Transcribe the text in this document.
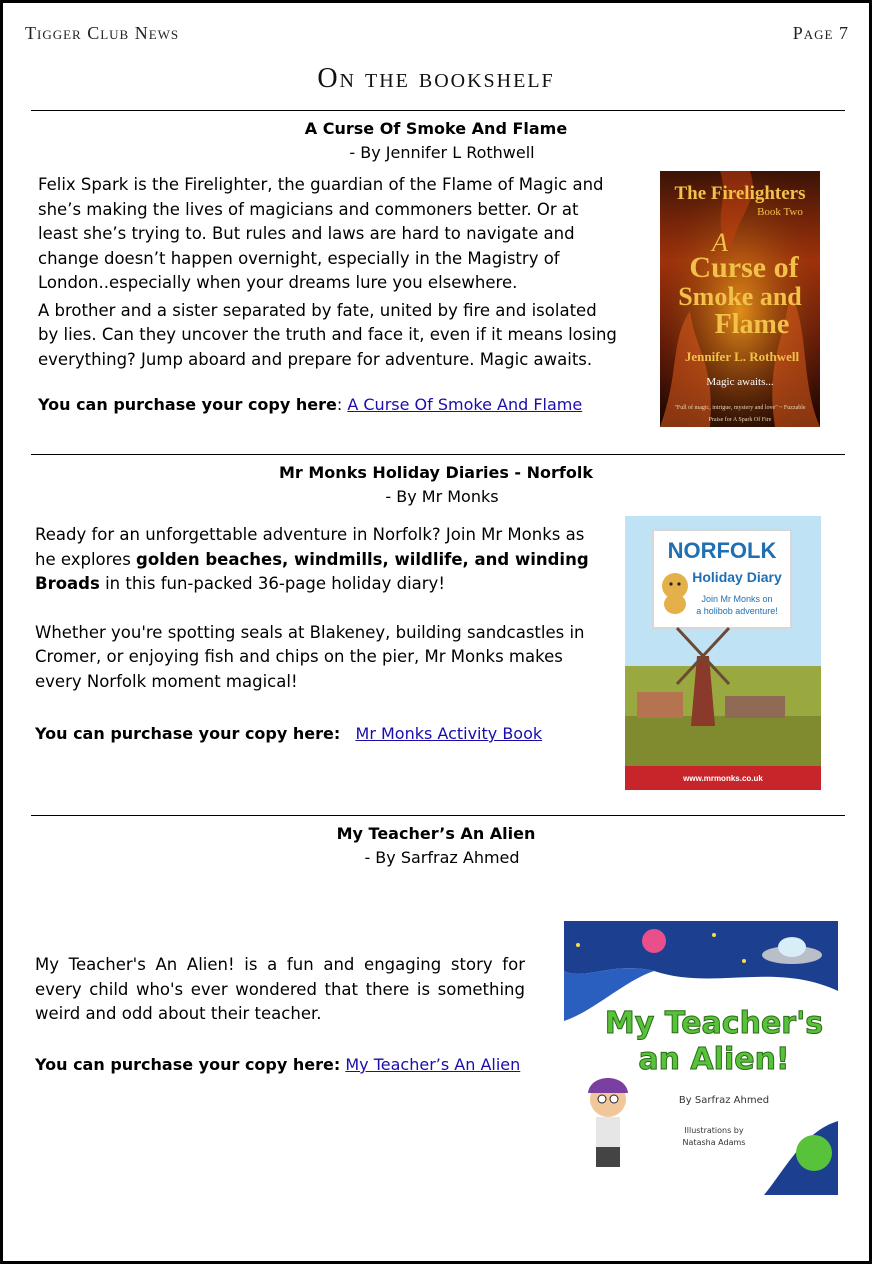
Tigger Club News	Page 7
On the bookshelf
A Curse Of Smoke And Flame
- By Jennifer L Rothwell

Felix Spark is the Firelighter, the guardian of the Flame of Magic and she’s making the lives of magicians and commoners better. Or at least she’s trying to. But rules and laws are hard to navigate and change doesn’t happen overnight, especially in the Magistry of London..especially when your dreams lure you elsewhere.

A brother and a sister separated by fate, united by fire and isolated by lies. Can they uncover the truth and face it, even if it means losing everything? Jump aboard and prepare for adventure. Magic awaits.

You can purchase your copy here: A Curse Of Smoke And Flame
The Firelighters
Book Two
A
Curse of
Smoke and
Flame
Jennifer L. Rothwell
Magic awaits...
"Full of magic, intrigue, mystery and love" ~ Fuzzable
Praise for A Spark Of Fire
Mr Monks Holiday Diaries - Norfolk
- By Mr Monks

Ready for an unforgettable adventure in Norfolk? Join Mr Monks as he explores golden beaches, windmills, wildlife, and winding Broads in this fun-packed 36-page holiday diary!

Whether you're spotting seals at Blakeney, building sandcastles in Cromer, or enjoying fish and chips on the pier, Mr Monks makes every Norfolk moment magical!

You can purchase your copy here: Mr Monks Activity Book
NORFOLK
Holiday Diary
Join Mr Monks on
a holibob adventure!
www.mrmonks.co.uk
My Teacher’s An Alien
- By Sarfraz Ahmed

My Teacher's An Alien! is a fun and engaging story for every child who's ever wondered that there is something weird and odd about their teacher.

You can purchase your copy here: My Teacher’s An Alien
My Teacher's
an Alien!
By Sarfraz Ahmed
Illustrations by
Natasha Adams
